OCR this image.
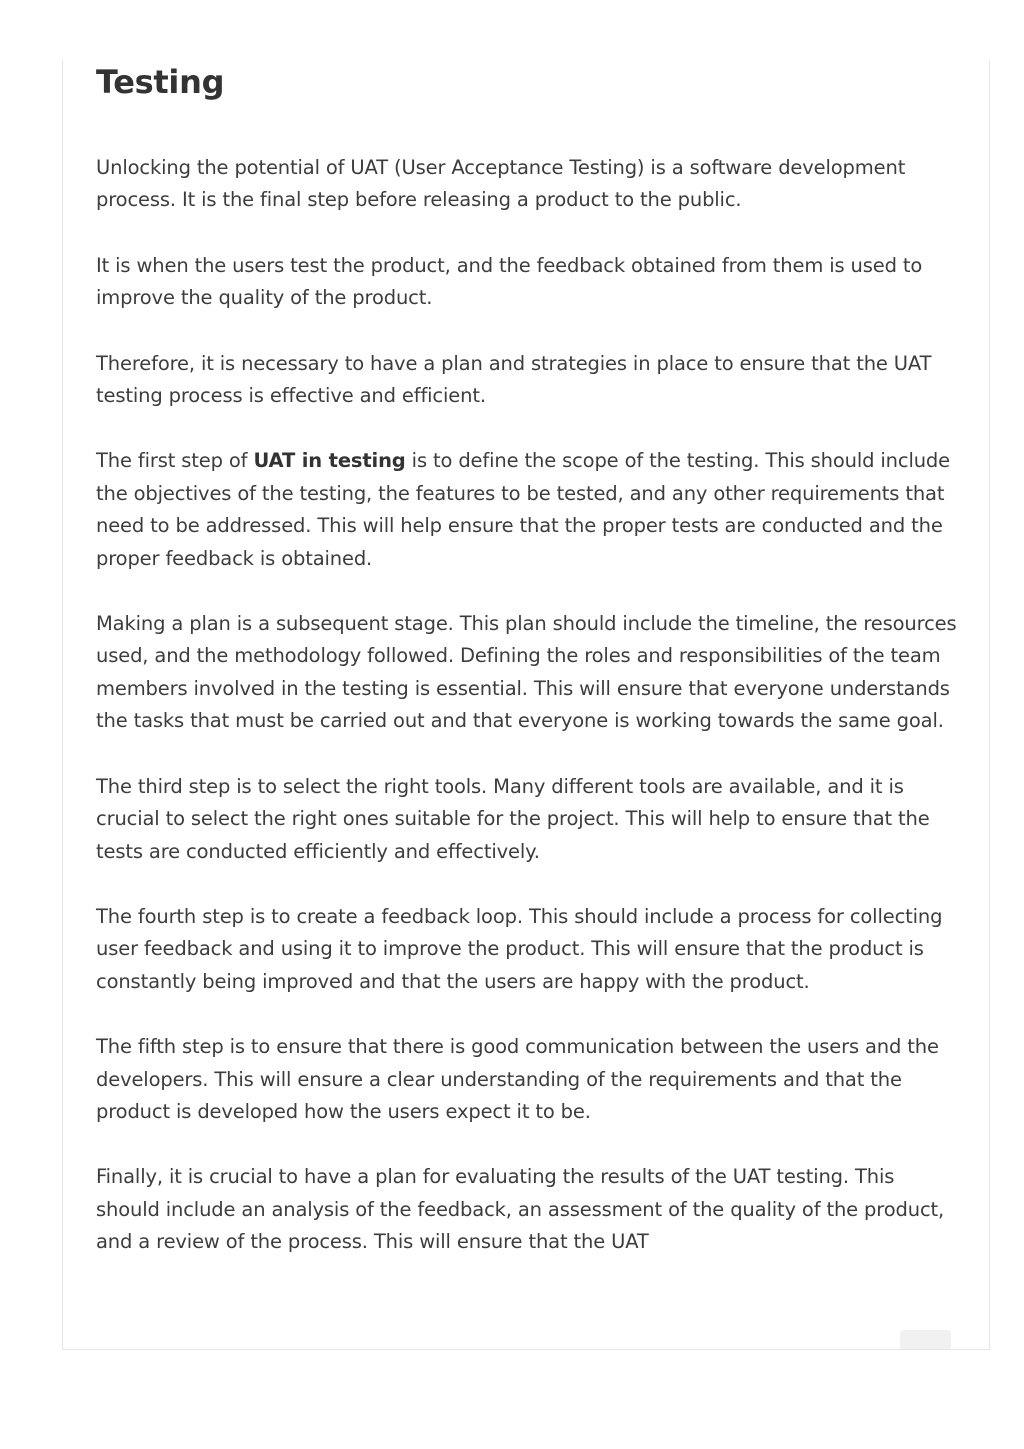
Testing

Unlocking the potential of UAT (User Acceptance Testing) is a software development process. It is the final step before releasing a product to the public.

It is when the users test the product, and the feedback obtained from them is used to improve the quality of the product.

Therefore, it is necessary to have a plan and strategies in place to ensure that the UAT testing process is effective and efficient.

The first step of UAT in testing is to define the scope of the testing. This should include the objectives of the testing, the features to be tested, and any other requirements that need to be addressed. This will help ensure that the proper tests are conducted and the proper feedback is obtained.

Making a plan is a subsequent stage. This plan should include the timeline, the resources used, and the methodology followed. Defining the roles and responsibilities of the team members involved in the testing is essential. This will ensure that everyone understands the tasks that must be carried out and that everyone is working towards the same goal.

The third step is to select the right tools. Many different tools are available, and it is crucial to select the right ones suitable for the project. This will help to ensure that the tests are conducted efficiently and effectively.

The fourth step is to create a feedback loop. This should include a process for collecting user feedback and using it to improve the product. This will ensure that the product is constantly being improved and that the users are happy with the product.

The fifth step is to ensure that there is good communication between the users and the developers. This will ensure a clear understanding of the requirements and that the product is developed how the users expect it to be.

Finally, it is crucial to have a plan for evaluating the results of the UAT testing. This should include an analysis of the feedback, an assessment of the quality of the product, and a review of the process. This will ensure that the UAT
